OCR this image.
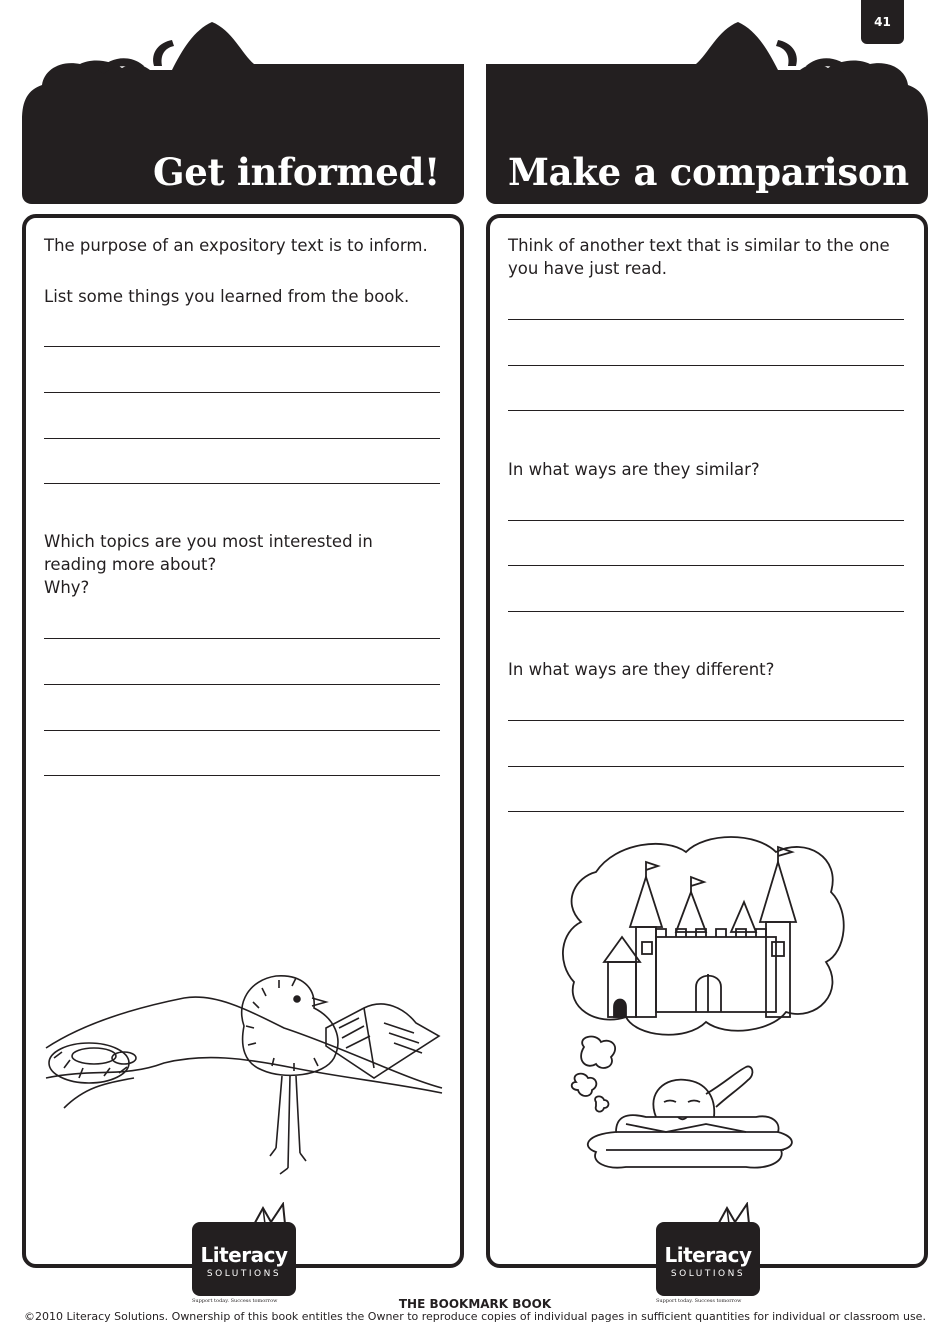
41
Get informed! Make a comparison
The purpose of an expository text is to inform.
List some things you learned from the book.
Which topics are you most interested in reading more about?
Why?
Literacy
SOLUTIONS
Support today. Success tomorrow
Think of another text that is similar to the one you have just read.
In what ways are they similar?
In what ways are they different?
Literacy
SOLUTIONS
Support today. Success tomorrow
THE BOOKMARK BOOK
©2010 Literacy Solutions. Ownership of this book entitles the Owner to reproduce copies of individual pages in sufficient quantities for individual or classroom use.
